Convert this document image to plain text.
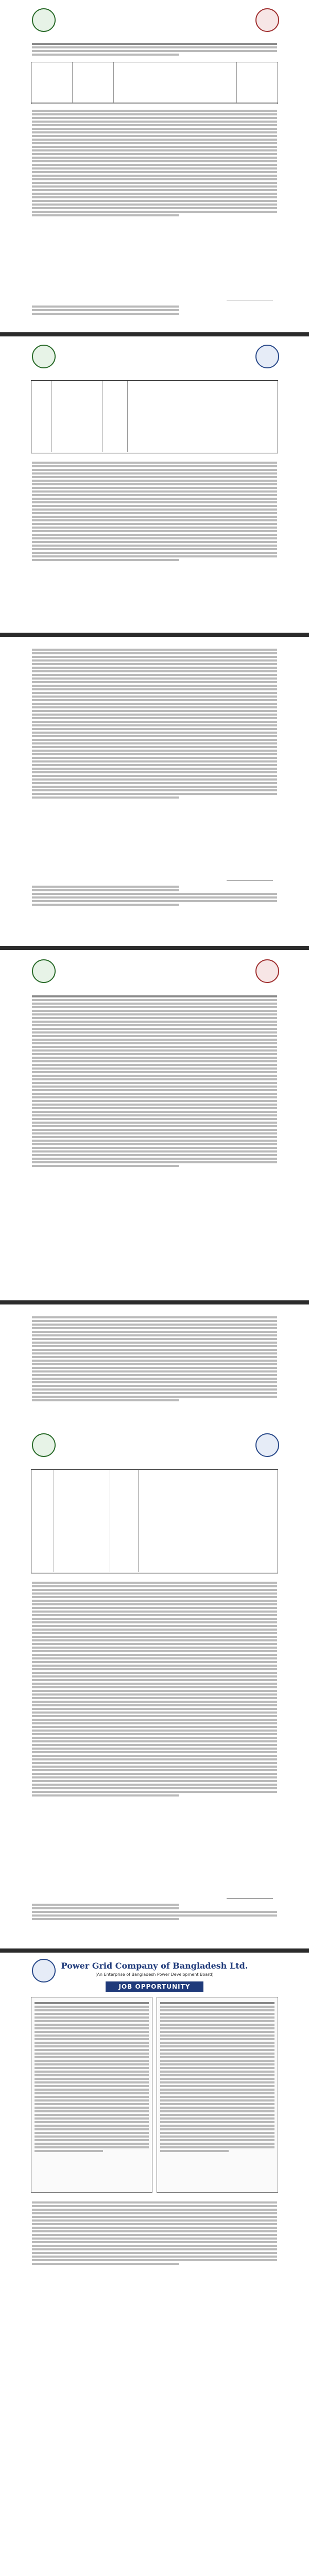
Power Grid Company of Bangladesh Ltd.
(An Enterprise of Bangladesh Power Development Board)
JOB OPPORTUNITY
